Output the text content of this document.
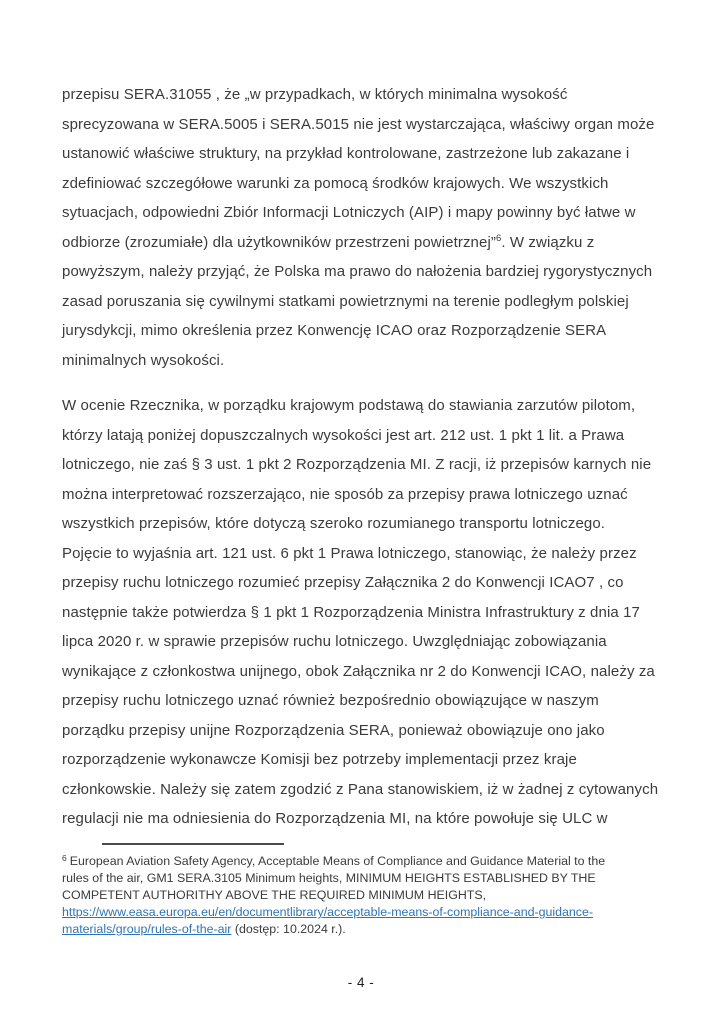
przepisu SERA.31055 , że „w przypadkach, w których minimalna wysokość
sprecyzowana w SERA.5005 i SERA.5015 nie jest wystarczająca, właściwy organ może
ustanowić właściwe struktury, na przykład kontrolowane, zastrzeżone lub zakazane i
zdefiniować szczegółowe warunki za pomocą środków krajowych. We wszystkich
sytuacjach, odpowiedni Zbiór Informacji Lotniczych (AIP) i mapy powinny być łatwe w
odbiorze (zrozumiałe) dla użytkowników przestrzeni powietrznej”$^6$. W związku z
powyższym, należy przyjąć, że Polska ma prawo do nałożenia bardziej rygorystycznych
zasad poruszania się cywilnymi statkami powietrznymi na terenie podległym polskiej
jurysdykcji, mimo określenia przez Konwencję ICAO oraz Rozporządzenie SERA
minimalnych wysokości.
W ocenie Rzecznika, w porządku krajowym podstawą do stawiania zarzutów pilotom,
którzy latają poniżej dopuszczalnych wysokości jest art. 212 ust. 1 pkt 1 lit. a Prawa
lotniczego, nie zaś § 3 ust. 1 pkt 2 Rozporządzenia MI. Z racji, iż przepisów karnych nie
można interpretować rozszerzająco, nie sposób za przepisy prawa lotniczego uznać
wszystkich przepisów, które dotyczą szeroko rozumianego transportu lotniczego.
Pojęcie to wyjaśnia art. 121 ust. 6 pkt 1 Prawa lotniczego, stanowiąc, że należy przez
przepisy ruchu lotniczego rozumieć przepisy Załącznika 2 do Konwencji ICAO7 , co
następnie także potwierdza § 1 pkt 1 Rozporządzenia Ministra Infrastruktury z dnia 17
lipca 2020 r. w sprawie przepisów ruchu lotniczego. Uwzględniając zobowiązania
wynikające z członkostwa unijnego, obok Załącznika nr 2 do Konwencji ICAO, należy za
przepisy ruchu lotniczego uznać również bezpośrednio obowiązujące w naszym
porządku przepisy unijne Rozporządzenia SERA, ponieważ obowiązuje ono jako
rozporządzenie wykonawcze Komisji bez potrzeby implementacji przez kraje
członkowskie. Należy się zatem zgodzić z Pana stanowiskiem, iż w żadnej z cytowanych
regulacji nie ma odniesienia do Rozporządzenia MI, na które powołuje się ULC w
$^6$ European Aviation Safety Agency, Acceptable Means of Compliance and Guidance Material to the
rules of the air, GM1 SERA.3105 Minimum heights, MINIMUM HEIGHTS ESTABLISHED BY THE
COMPETENT AUTHORITHY ABOVE THE REQUIRED MINIMUM HEIGHTS,
https://www.easa.europa.eu/en/documentlibrary/acceptable-means-of-compliance-and-guidance-
materials/group/rules-of-the-air (dostęp: 10.2024 r.).
- 4 -
